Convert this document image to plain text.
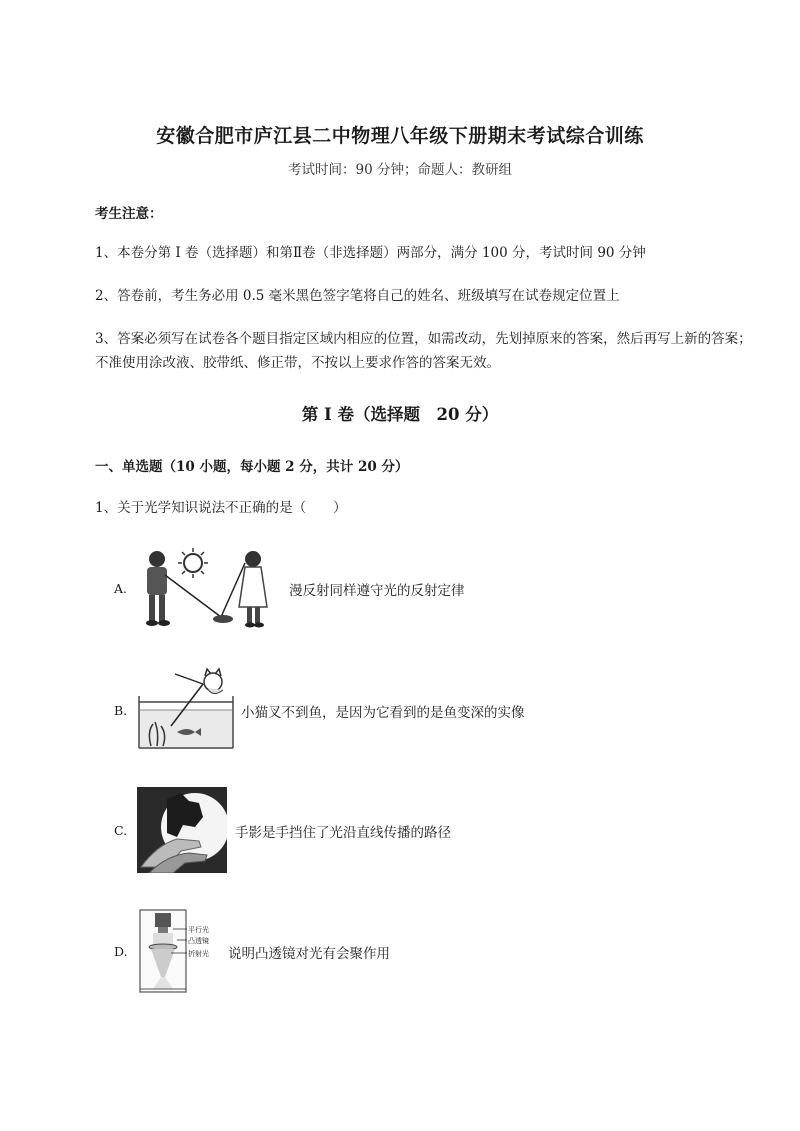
安徽合肥市庐江县二中物理八年级下册期末考试综合训练
考试时间：90 分钟；命题人：教研组
考生注意：
1、本卷分第 I 卷（选择题）和第Ⅱ卷（非选择题）两部分，满分 100 分，考试时间 90 分钟
2、答卷前，考生务必用 0.5 毫米黑色签字笔将自己的姓名、班级填写在试卷规定位置上
3、答案必须写在试卷各个题目指定区域内相应的位置，如需改动，先划掉原来的答案，然后再写上新的答案；不准使用涂改液、胶带纸、修正带，不按以上要求作答的答案无效。
第 I 卷（选择题　20 分）
一、单选题（10 小题，每小题 2 分，共计 20 分）
1、关于光学知识说法不正确的是（　　）
A.	漫反射同样遵守光的反射定律
B.	小猫叉不到鱼，是因为它看到的是鱼变深的实像
C.	手影是手挡住了光沿直线传播的路径
D.
平行光
凸透镜
折射光 说明凸透镜对光有会聚作用
